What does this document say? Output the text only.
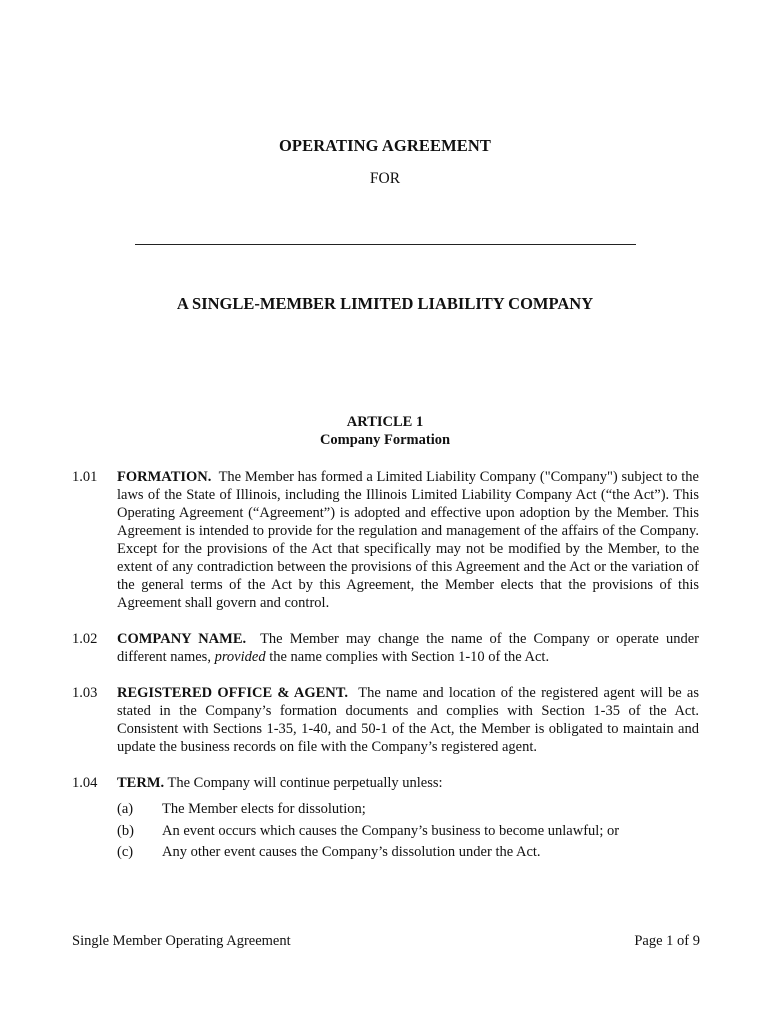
OPERATING AGREEMENT
FOR
A SINGLE-MEMBER LIMITED LIABILITY COMPANY
ARTICLE 1
Company Formation
1.01	FORMATION. The Member has formed a Limited Liability Company ("Company") subject to the laws of the State of Illinois, including the Illinois Limited Liability Company Act (“the Act”). This Operating Agreement (“Agreement”) is adopted and effective upon adoption by the Member. This Agreement is intended to provide for the regulation and management of the affairs of the Company. Except for the provisions of the Act that specifically may not be modified by the Member, to the extent of any contradiction between the provisions of this Agreement and the Act or the variation of the general terms of the Act by this Agreement, the Member elects that the provisions of this Agreement shall govern and control.
1.02	COMPANY NAME. The Member may change the name of the Company or operate under different names, provided the name complies with Section 1-10 of the Act.
1.03	REGISTERED OFFICE & AGENT. The name and location of the registered agent will be as stated in the Company’s formation documents and complies with Section 1-35 of the Act. Consistent with Sections 1-35, 1-40, and 50-1 of the Act, the Member is obligated to maintain and update the business records on file with the Company’s registered agent.
1.04	TERM. The Company will continue perpetually unless:
(a) The Member elects for dissolution;
(b) An event occurs which causes the Company’s business to become unlawful; or
(c) Any other event causes the Company’s dissolution under the Act.
Single Member Operating Agreement	Page 1 of 9
